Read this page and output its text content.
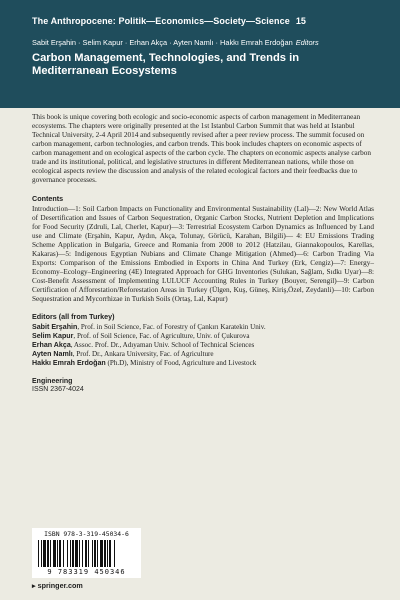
The Anthropocene: Politik—Economics—Society—Science 15
Sabit Erşahin · Selim Kapur · Erhan Akça · Ayten Namlı · Hakkı Emrah Erdoğan Editors
Carbon Management, Technologies, and Trends in Mediterranean Ecosystems

This book is unique covering both ecologic and socio-economic aspects of carbon management in Mediterranean ecosystems. The chapters were originally presented at the 1st Istanbul Carbon Summit that was held at Istanbul Technical University, 2-4 April 2014 and subsequently revised after a peer review process. The summit focused on carbon management, carbon technologies, and carbon trends. This book includes chapters on economic aspects of carbon management and on ecological aspects of the carbon cycle. The chapters on economic aspects analyse carbon trade and its institutional, political, and legislative structures in different Mediterranean nations, while those on ecological aspects review the discussion and analysis of the related ecological factors and their feedbacks due to governance processes.

Contents

Introduction—1: Soil Carbon Impacts on Functionality and Environmental Sustainability (Lal)—2: New World Atlas of Desertification and Issues of Carbon Sequestration, Organic Carbon Stocks, Nutrient Depletion and Implications for Food Security (Zdruli, Lal, Cherlet, Kapur)—3: Terrestrial Ecosystem Carbon Dynamics as Influenced by Land use and Climate (Erşahin, Kapur, Aydın, Akça, Tolunay, Görücü, Karahan, Bilgili)— 4: EU Emissions Trading Scheme Application in Bulgaria, Greece and Romania from 2008 to 2012 (Hatzilau, Giannakopoulos, Karellas, Kakaras)—5: Indigenous Egyptian Nubians and Climate Change Mitigation (Ahmed)—6: Carbon Trading Via Exports: Comparison of the Emissions Embodied in Exports in China And Turkey (Erk, Cengiz)—7: Energy–Economy–Ecology–Engineering (4E) Integrated Approach for GHG Inventories (Sulukan, Sağlam, Sıdkı Uyar)—8: Cost-Benefit Assessment of Implementing LULUCF Accounting Rules in Turkey (Bouyer, Serengil)—9: Carbon Certification of Afforestation/Reforestation Areas in Turkey (Ülgen, Kuş, Güneş, Kiriş,Özel, Zeydanli)—10: Carbon Sequestration and Mycorrhizae in Turkish Soils (Ortaş, Lal, Kapur)

Editors (all from Turkey)
Sabit Erşahin, Prof. in Soil Science, Fac. of Forestry of Çankırı Karatekin Univ.
Selim Kapur, Prof. of Soil Science, Fac. of Agriculture, Univ. of Çukurova
Erhan Akça, Assoc. Prof. Dr., Adıyaman Univ. School of Technical Sciences
Ayten Namlı, Prof. Dr., Ankara University, Fac. of Agriculture
Hakkı Emrah Erdoğan (Ph.D), Ministry of Food, Agriculture and Livestock
Engineering
ISSN 2367-4024
ISBN 978-3-319-45034-6
9 783319 450346
▸ springer.com
